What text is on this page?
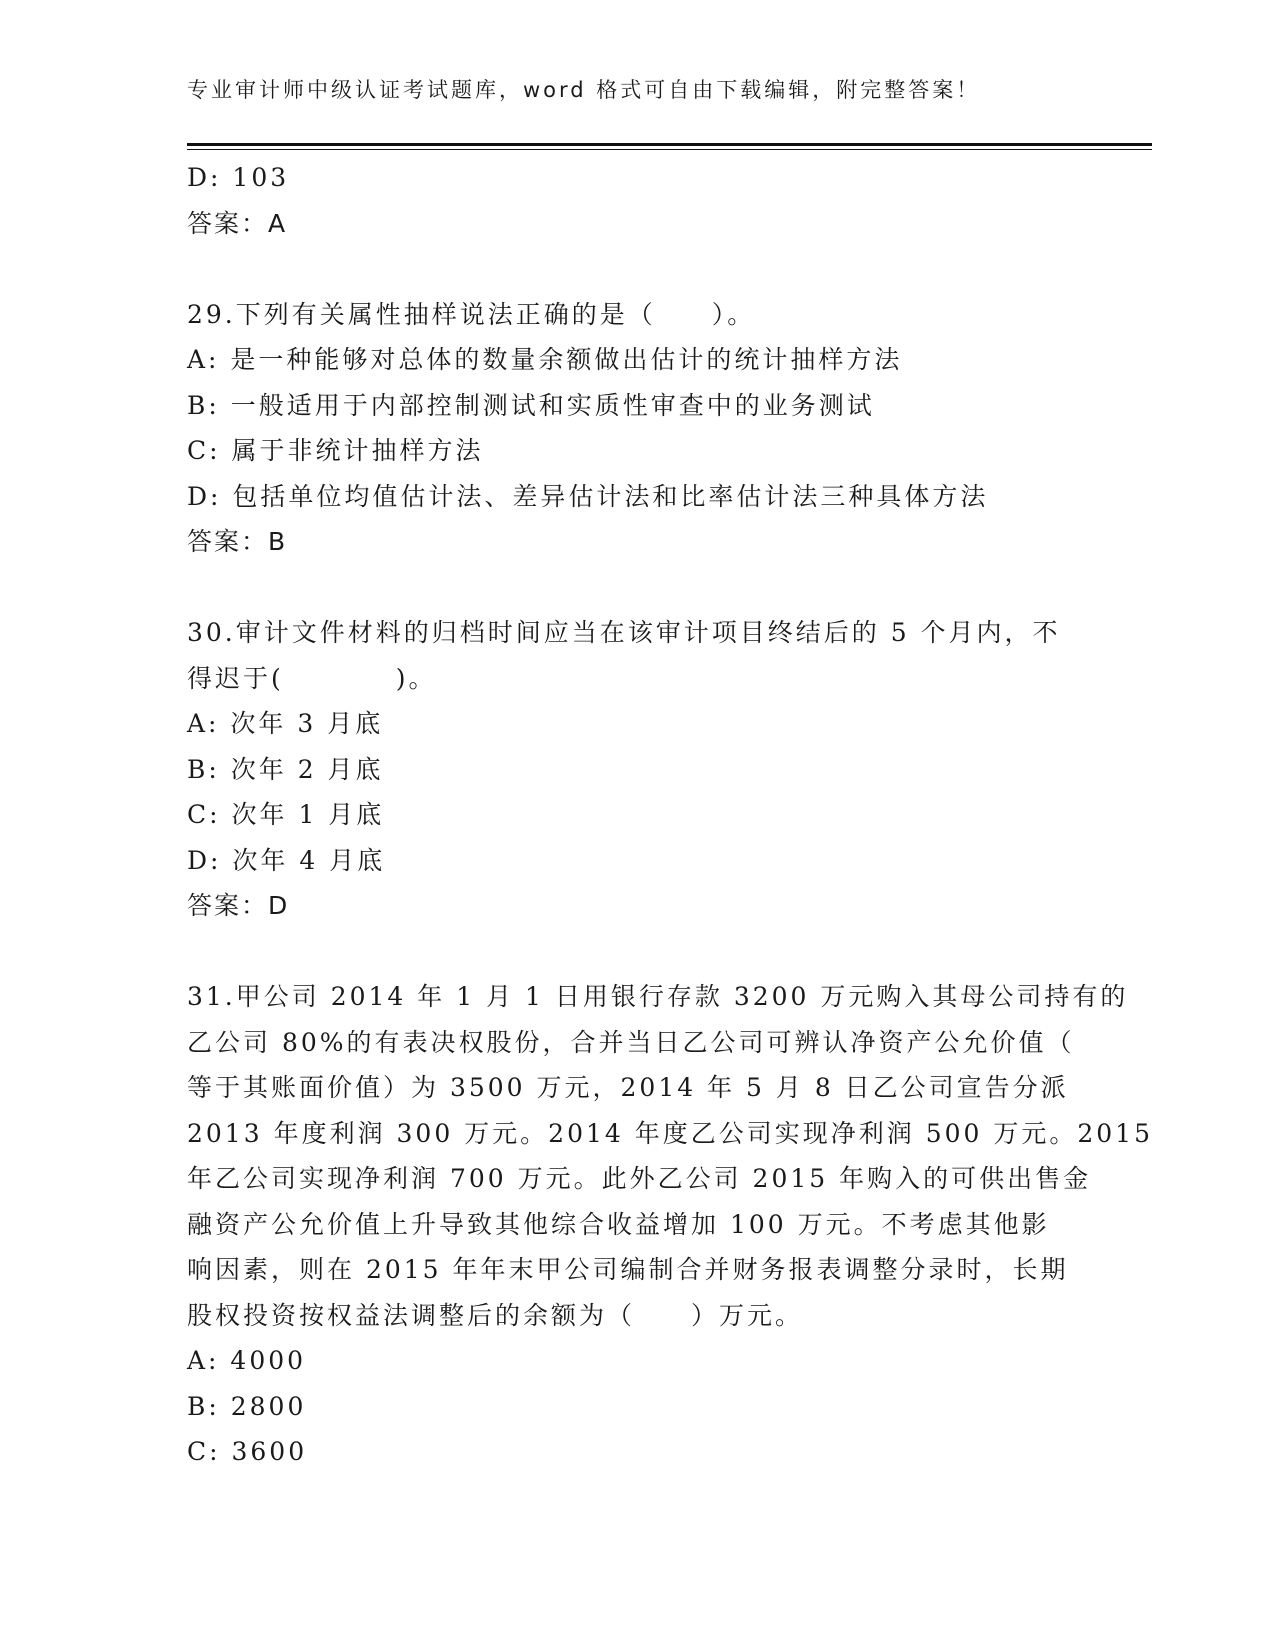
专业审计师中级认证考试题库，word 格式可自由下载编辑，附完整答案！
D: 103
答案：A
29.下列有关属性抽样说法正确的是（　　）。
A: 是一种能够对总体的数量余额做出估计的统计抽样方法
B: 一般适用于内部控制测试和实质性审查中的业务测试
C: 属于非统计抽样方法
D: 包括单位均值估计法、差异估计法和比率估计法三种具体方法
答案：B
30.审计文件材料的归档时间应当在该审计项目终结后的 5 个月内，不
得迟于(　　　　)。
A: 次年 3 月底
B: 次年 2 月底
C: 次年 1 月底
D: 次年 4 月底
答案：D
31.甲公司 2014 年 1 月 1 日用银行存款 3200 万元购入其母公司持有的
乙公司 80%的有表决权股份，合并当日乙公司可辨认净资产公允价值（
等于其账面价值）为 3500 万元，2014 年 5 月 8 日乙公司宣告分派
2013 年度利润 300 万元。2014 年度乙公司实现净利润 500 万元。2015
年乙公司实现净利润 700 万元。此外乙公司 2015 年购入的可供出售金
融资产公允价值上升导致其他综合收益增加 100 万元。不考虑其他影
响因素，则在 2015 年年末甲公司编制合并财务报表调整分录时，长期
股权投资按权益法调整后的余额为（　　）万元。
A: 4000
B: 2800
C: 3600
